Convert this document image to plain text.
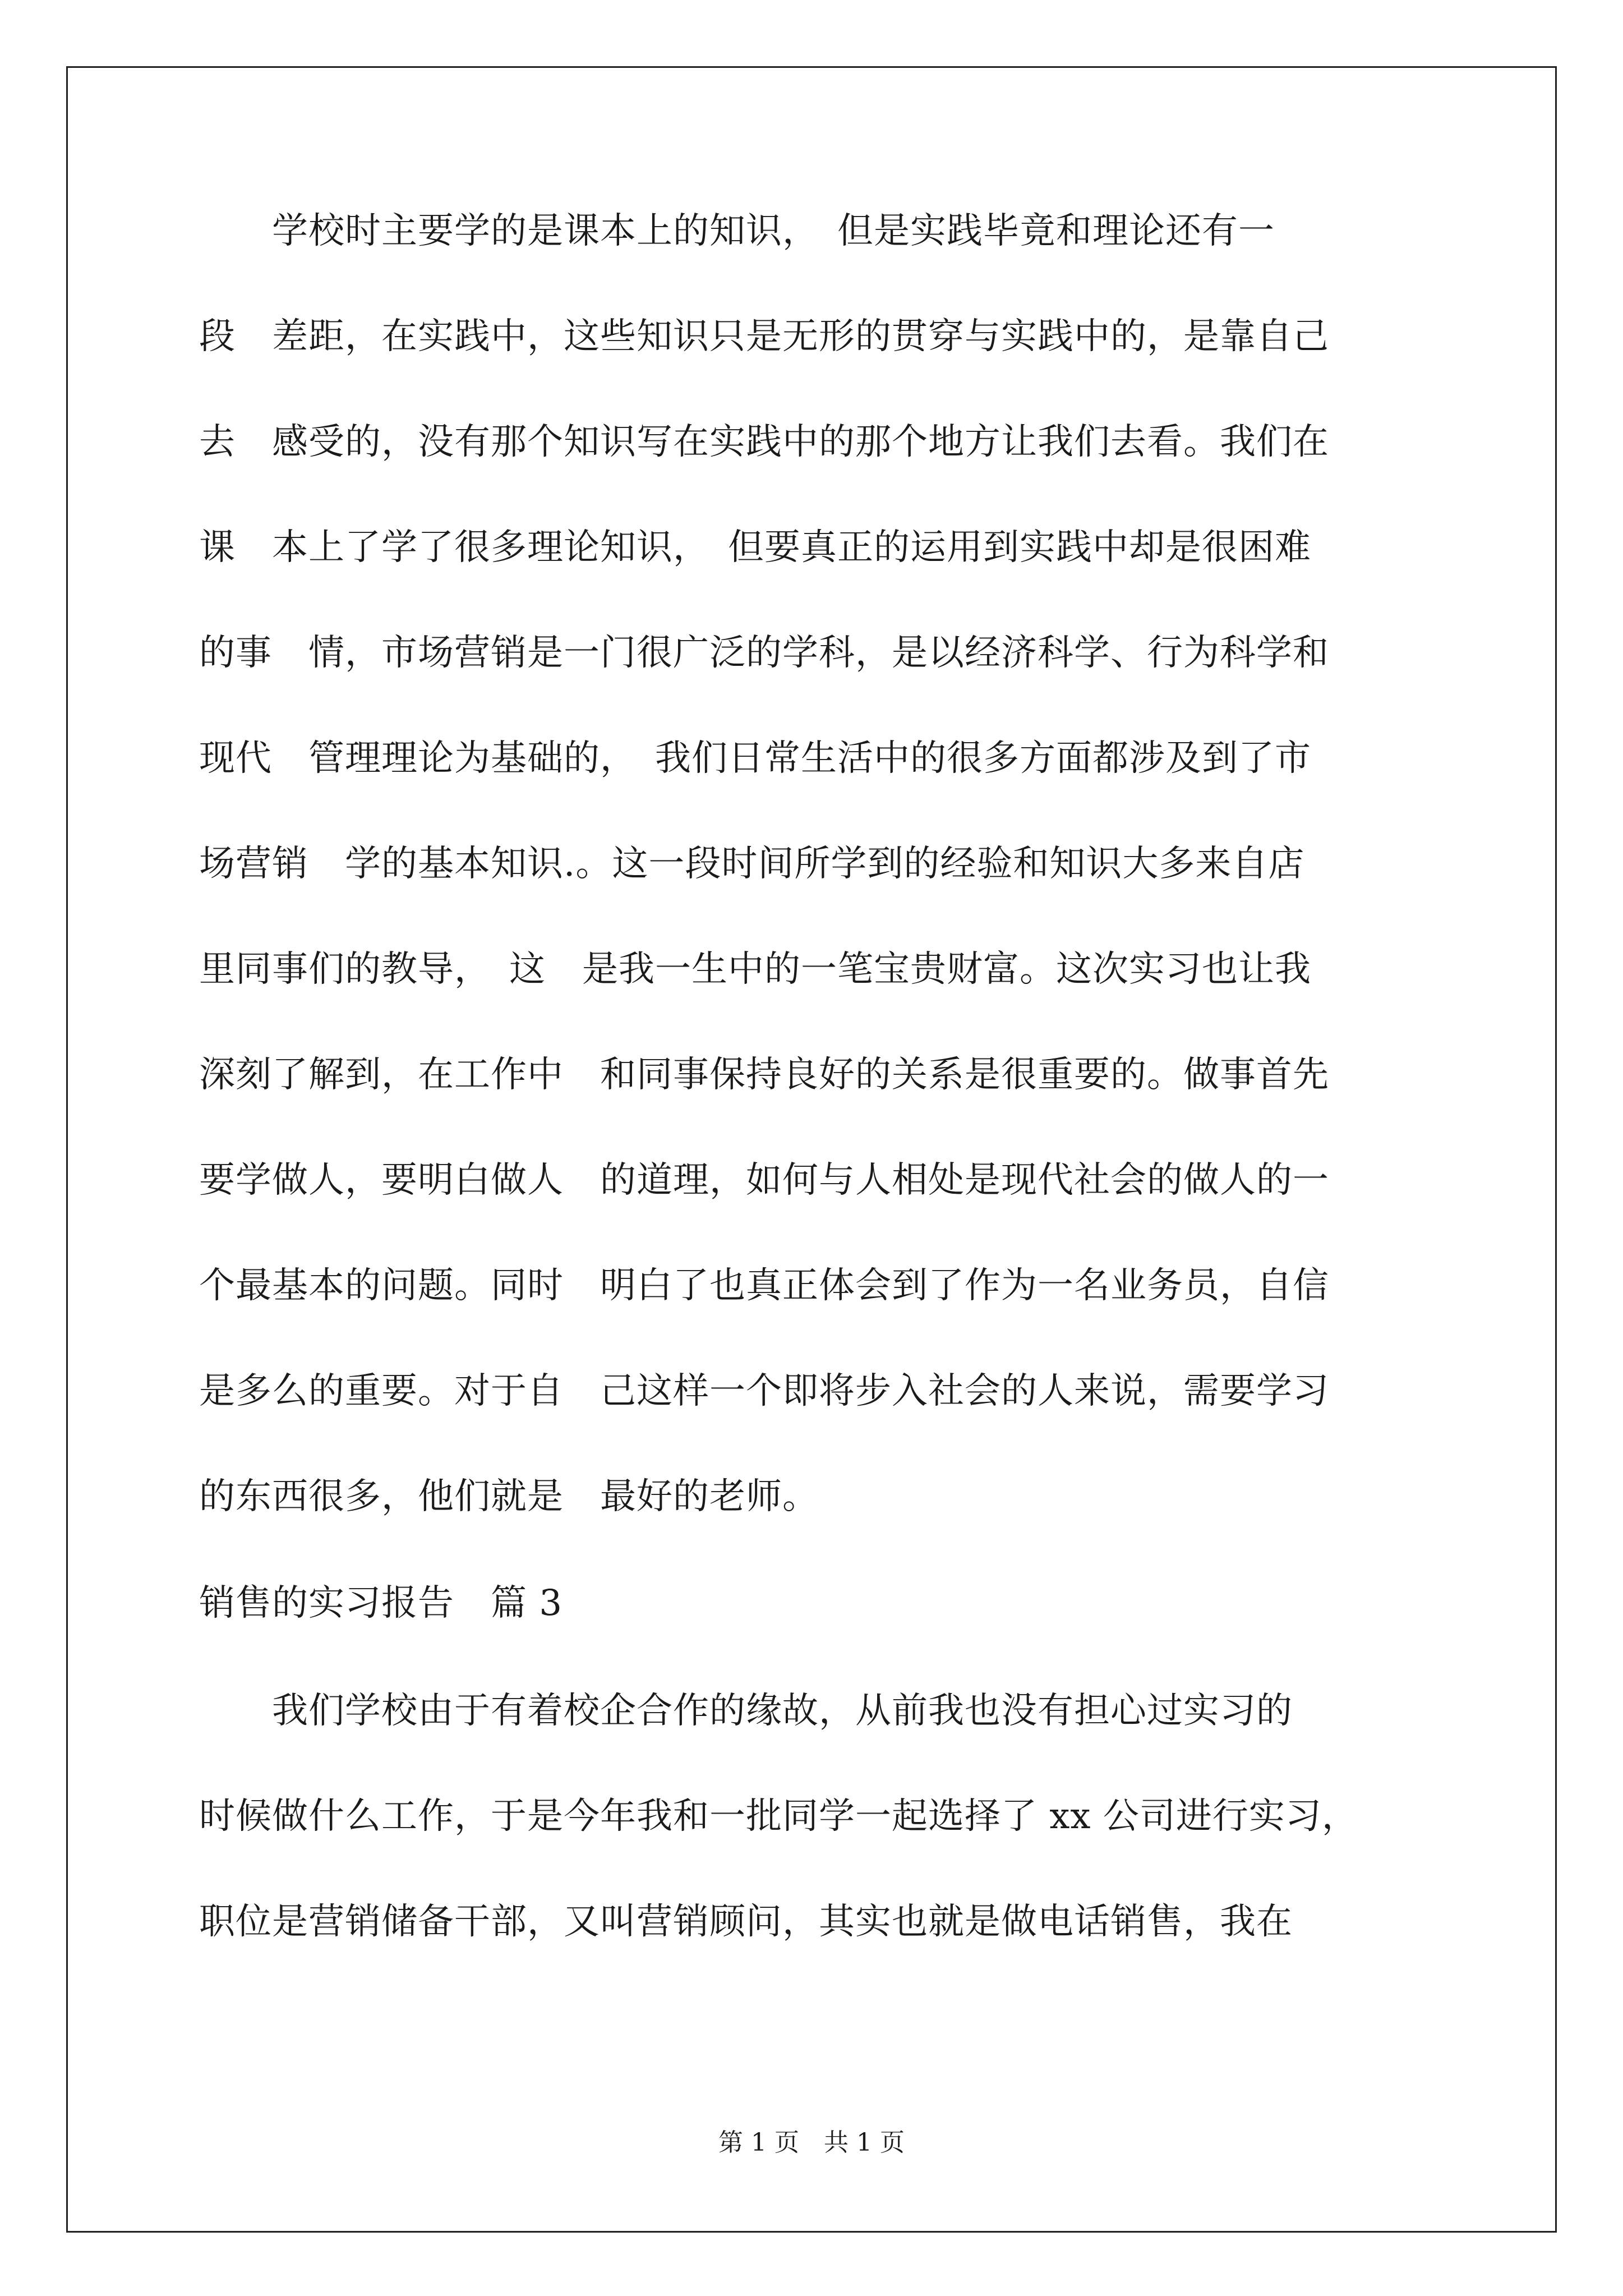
　　学校时主要学的是课本上的知识，　但是实践毕竟和理论还有一
段　差距，在实践中，这些知识只是无形的贯穿与实践中的，是靠自己
去　感受的，没有那个知识写在实践中的那个地方让我们去看。我们在
课　本上了学了很多理论知识，　但要真正的运用到实践中却是很困难
的事　情，市场营销是一门很广泛的学科，是以经济科学、行为科学和
现代　管理理论为基础的，　我们日常生活中的很多方面都涉及到了市
场营销　学的基本知识.。这一段时间所学到的经验和知识大多来自店
里同事们的教导，　这　是我一生中的一笔宝贵财富。这次实习也让我
深刻了解到，在工作中　和同事保持良好的关系是很重要的。做事首先
要学做人，要明白做人　的道理，如何与人相处是现代社会的做人的一
个最基本的问题。同时　明白了也真正体会到了作为一名业务员，自信
是多么的重要。对于自　己这样一个即将步入社会的人来说，需要学习
的东西很多，他们就是　最好的老师。
销售的实习报告　篇 3
　　我们学校由于有着校企合作的缘故，从前我也没有担心过实习的
时候做什么工作，于是今年我和一批同学一起选择了 xx 公司进行实习，
职位是营销储备干部，又叫营销顾问，其实也就是做电话销售，我在
第 1 页　共 1 页
